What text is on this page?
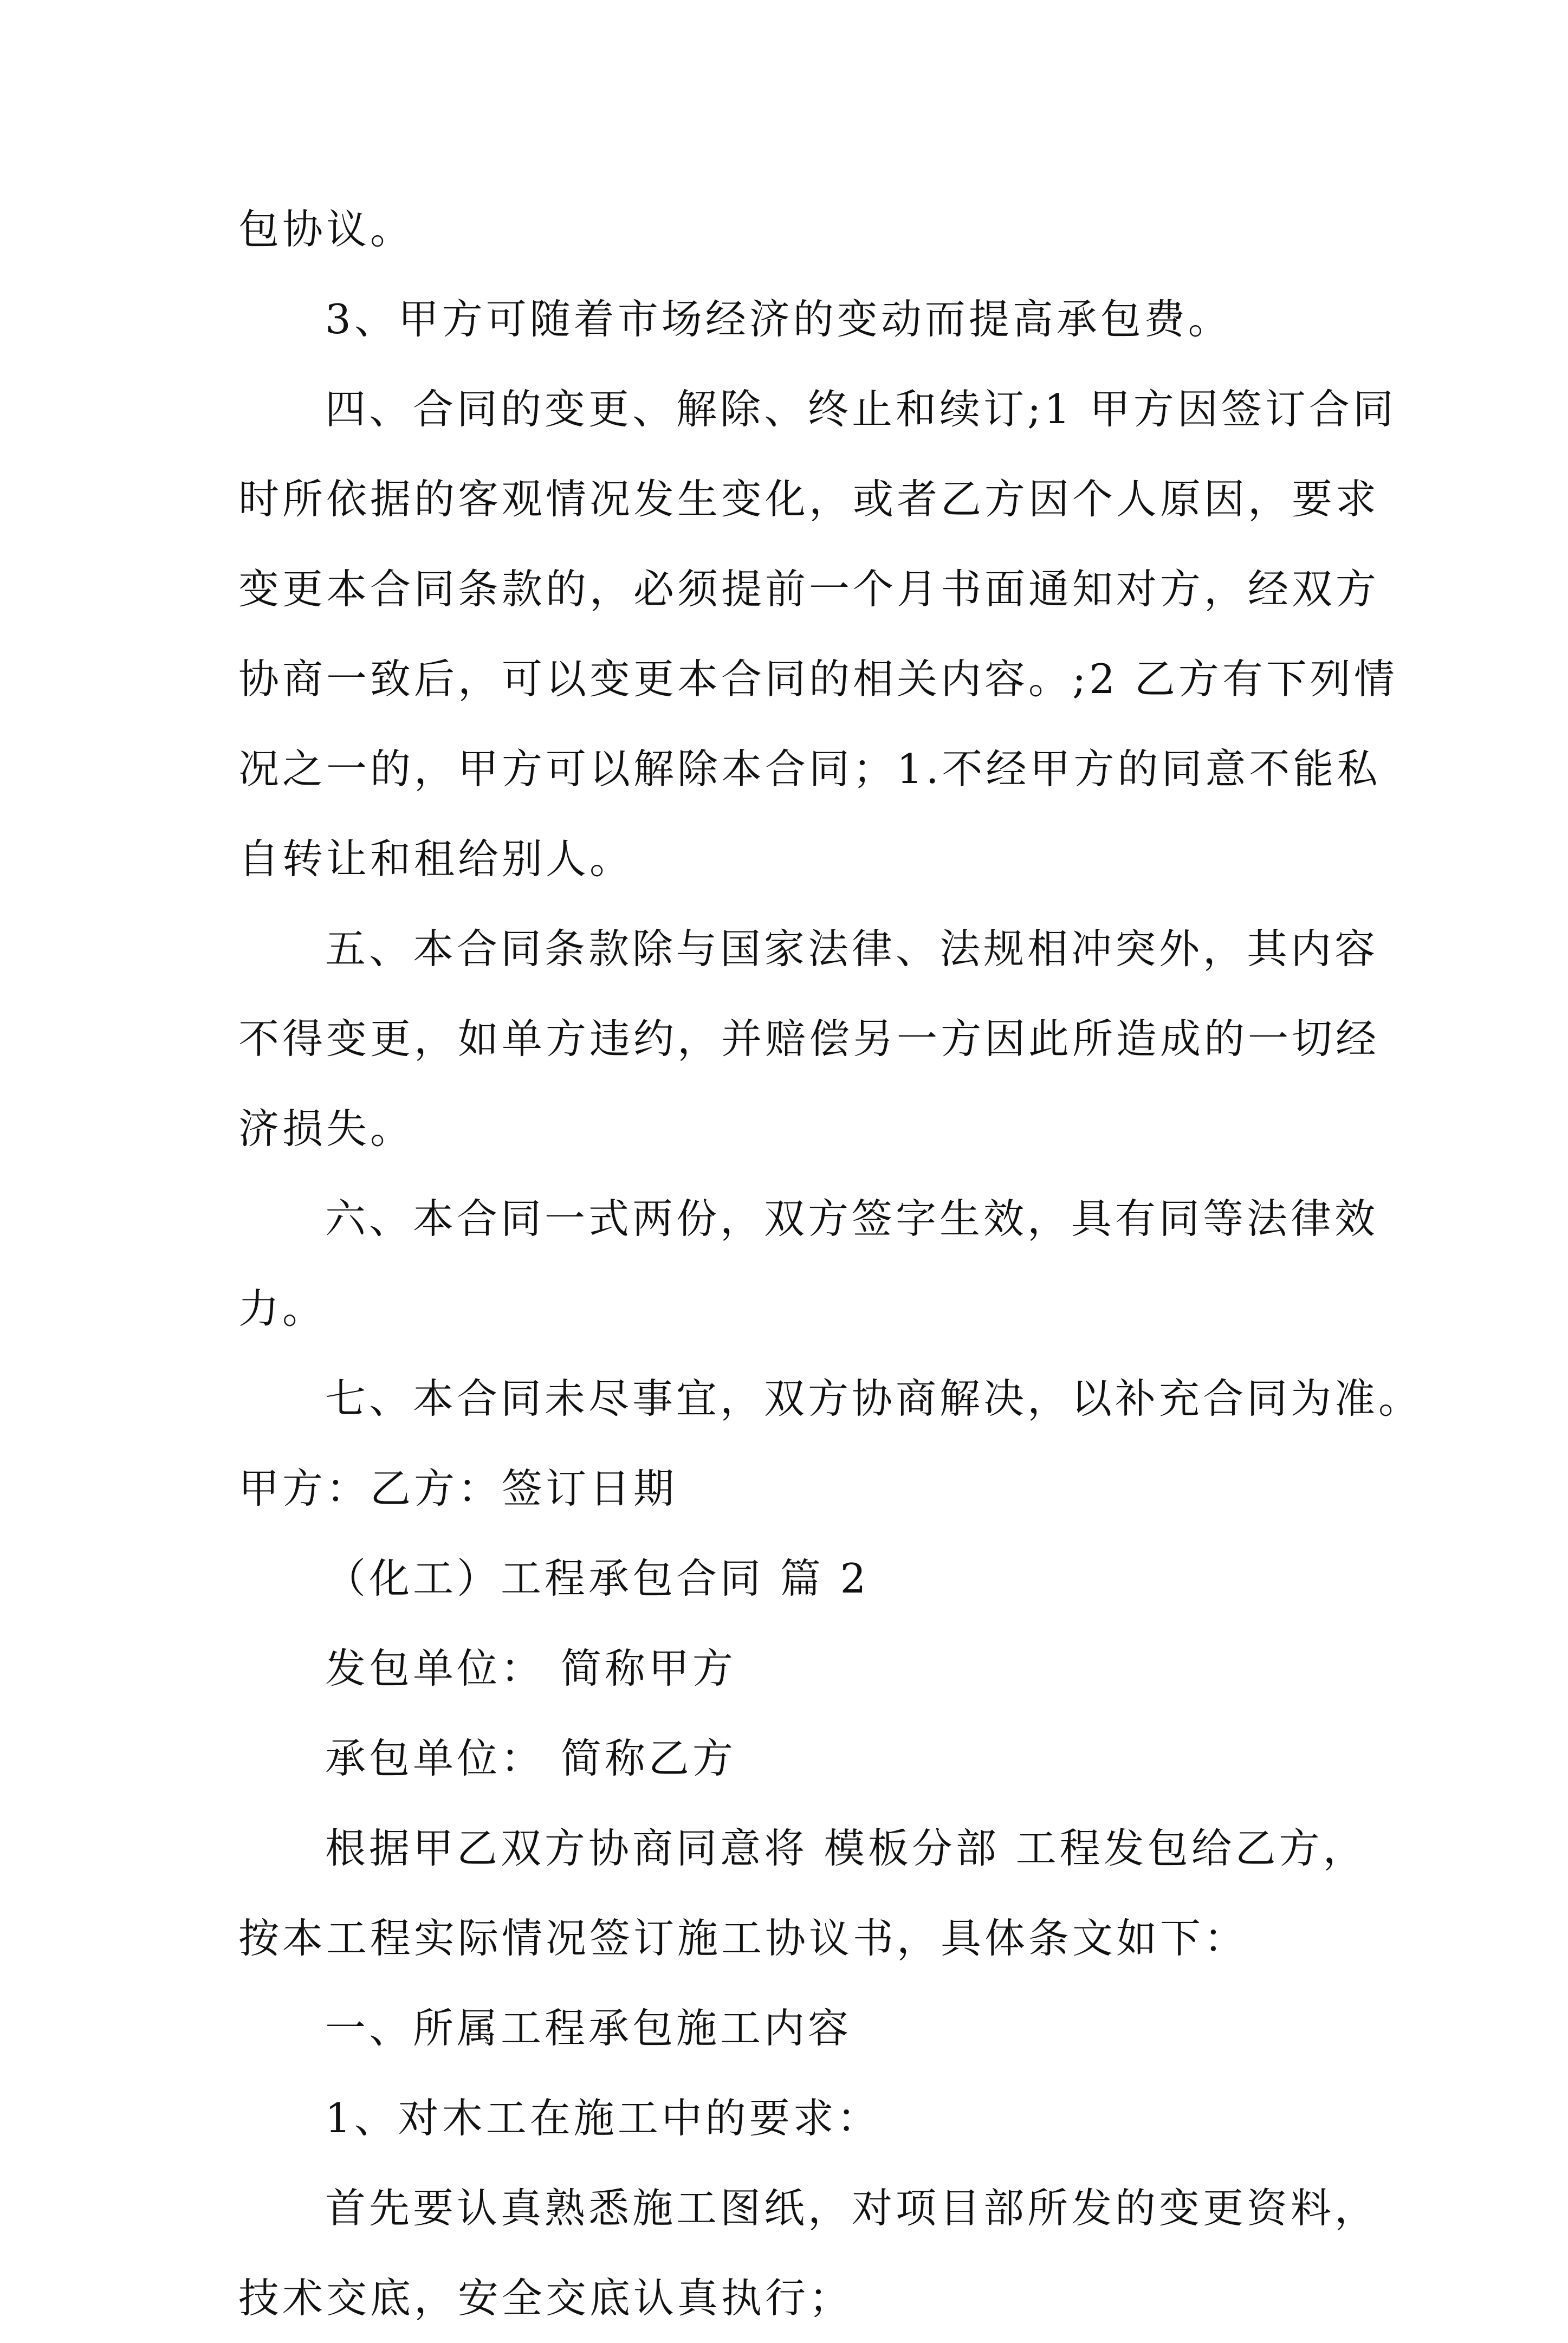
包协议。

3、甲方可随着市场经济的变动而提高承包费。

四、合同的变更、解除、终止和续订;1 甲方因签订合同
时所依据的客观情况发生变化，或者乙方因个人原因，要求
变更本合同条款的，必须提前一个月书面通知对方，经双方
协商一致后，可以变更本合同的相关内容。;2 乙方有下列情
况之一的，甲方可以解除本合同；1.不经甲方的同意不能私
自转让和租给别人。

五、本合同条款除与国家法律、法规相冲突外，其内容
不得变更，如单方违约，并赔偿另一方因此所造成的一切经
济损失。

六、本合同一式两份，双方签字生效，具有同等法律效
力。

七、本合同未尽事宜，双方协商解决，以补充合同为准。
甲方：乙方：签订日期

（化工）工程承包合同 篇 2

发包单位： 简称甲方

承包单位： 简称乙方

根据甲乙双方协商同意将 模板分部 工程发包给乙方，
按本工程实际情况签订施工协议书，具体条文如下：

一、所属工程承包施工内容

1、对木工在施工中的要求：

首先要认真熟悉施工图纸，对项目部所发的变更资料，
技术交底，安全交底认真执行；
